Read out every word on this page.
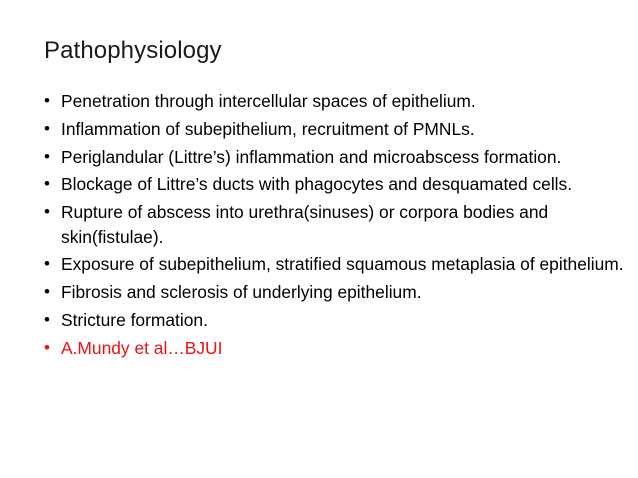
Pathophysiology
• Penetration through intercellular spaces of epithelium.
• Inflammation of subepithelium, recruitment of PMNLs.
• Periglandular (Littre’s) inflammation and microabscess formation.
• Blockage of Littre’s ducts with phagocytes and desquamated cells.
• Rupture of abscess into urethra(sinuses) or corpora bodies and skin(fistulae).
• Exposure of subepithelium, stratified squamous metaplasia of epithelium.
• Fibrosis and sclerosis of underlying epithelium.
• Stricture formation.
• A.Mundy et al…BJUI
